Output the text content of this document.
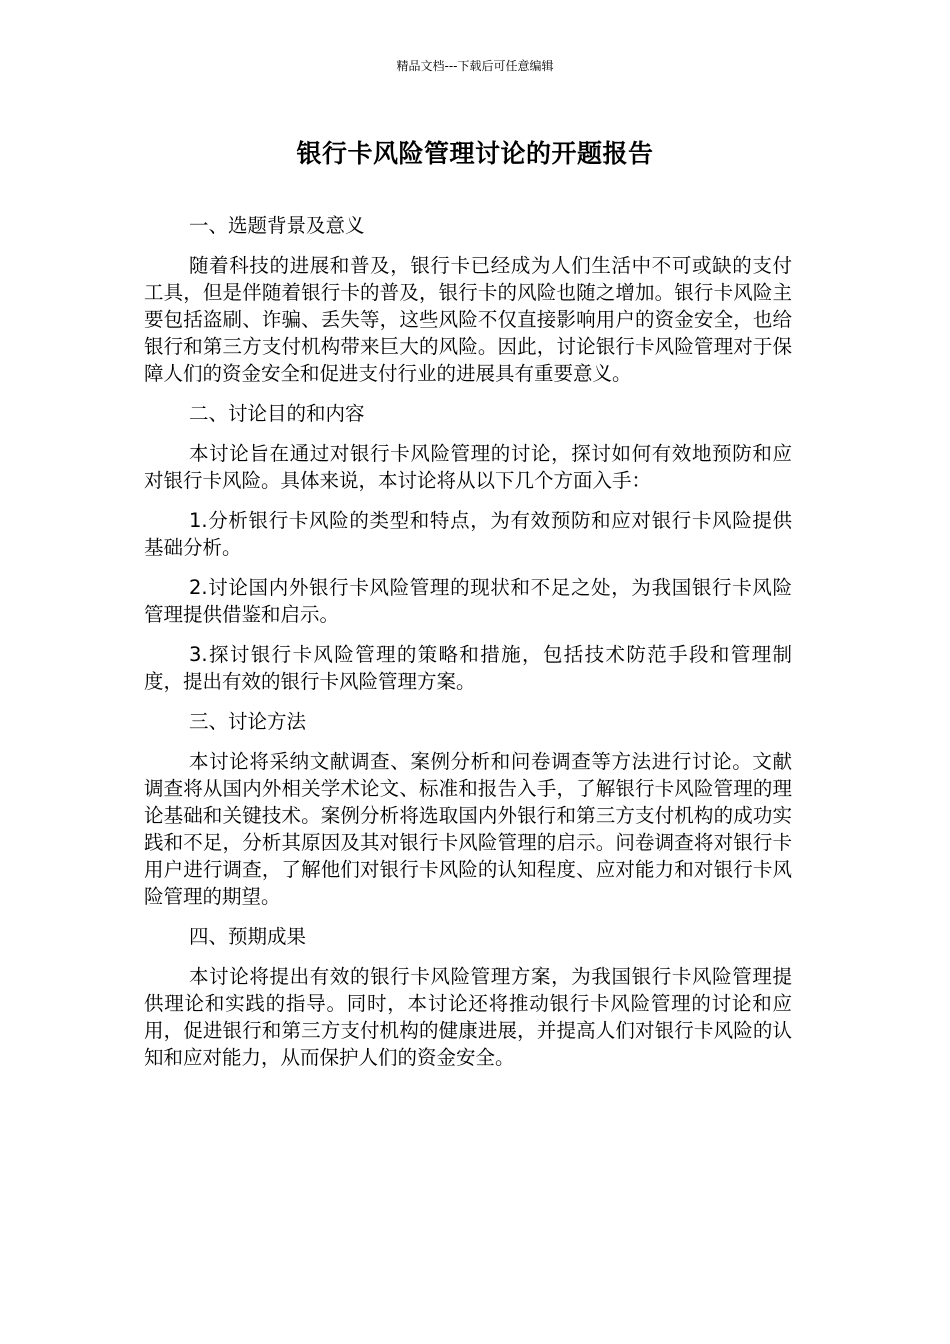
精品文档---下载后可任意编辑
银行卡风险管理讨论的开题报告
一、选题背景及意义

随着科技的进展和普及，银行卡已经成为人们生活中不可或缺的支付工具，但是伴随着银行卡的普及，银行卡的风险也随之增加。银行卡风险主要包括盗刷、诈骗、丢失等，这些风险不仅直接影响用户的资金安全，也给银行和第三方支付机构带来巨大的风险。因此，讨论银行卡风险管理对于保障人们的资金安全和促进支付行业的进展具有重要意义。

二、讨论目的和内容

本讨论旨在通过对银行卡风险管理的讨论，探讨如何有效地预防和应对银行卡风险。具体来说，本讨论将从以下几个方面入手：

1.分析银行卡风险的类型和特点，为有效预防和应对银行卡风险提供基础分析。

2.讨论国内外银行卡风险管理的现状和不足之处，为我国银行卡风险管理提供借鉴和启示。

3.探讨银行卡风险管理的策略和措施，包括技术防范手段和管理制度，提出有效的银行卡风险管理方案。

三、讨论方法

本讨论将采纳文献调查、案例分析和问卷调查等方法进行讨论。文献调查将从国内外相关学术论文、标准和报告入手，了解银行卡风险管理的理论基础和关键技术。案例分析将选取国内外银行和第三方支付机构的成功实践和不足，分析其原因及其对银行卡风险管理的启示。问卷调查将对银行卡用户进行调查，了解他们对银行卡风险的认知程度、应对能力和对银行卡风险管理的期望。

四、预期成果

本讨论将提出有效的银行卡风险管理方案，为我国银行卡风险管理提供理论和实践的指导。同时，本讨论还将推动银行卡风险管理的讨论和应用，促进银行和第三方支付机构的健康进展，并提高人们对银行卡风险的认知和应对能力，从而保护人们的资金安全。
